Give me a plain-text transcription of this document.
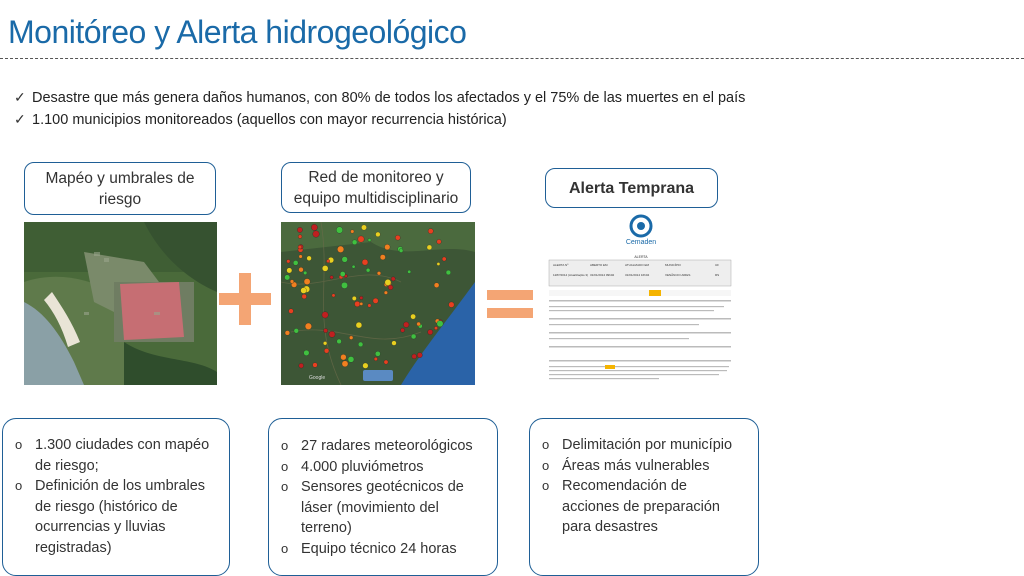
Monitóreo y Alerta hidrogeológico
✓ Desastre que más genera daños humanos, con 80% de todos los afectados y el 75% de las muertes en el país
✓ 1.100 municipios monitoreados (aquellos con mayor recurrencia histórica)
Mapéo y umbrales de
riesgo
Red de monitoreo y
equipo multidisciplinario
Alerta Temprana
Google
Cemaden
ALERTA
ALERTA Nº	ABERTO EM	ATUALIZADO EM	MUNICÍPIO	UF
1287/2014 (Atualização 3) 31/01/2014 09h02	31/01/2014 16h04	VENÂNCIO AIRES	RS
o 1.300 ciudades con mapéo de riesgo;
o Definición de los umbrales de riesgo (histórico de ocurrencias y lluvias registradas)
o 27 radares meteorológicos
o 4.000 pluviómetros
o Sensores geotécnicos de láser (movimiento del terreno)
o Equipo técnico 24 horas
o Delimitación por município
o Áreas más vulnerables
o Recomendación de acciones de preparación para desastres
